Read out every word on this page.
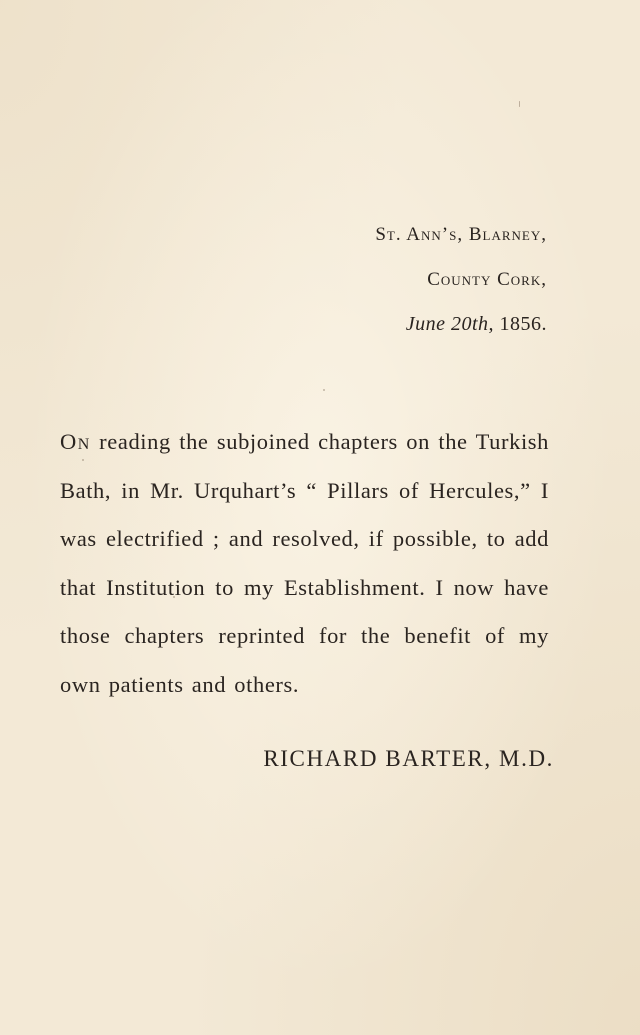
St. Ann’s, Blarney,
County Cork,
June 20th, 1856.
On reading the subjoined chapters on the Turkish Bath, in Mr. Urquhart’s “ Pillars of Hercules,” I was electrified ; and resolved, if possible, to add that Institution to my Establishment. I now have those chapters reprinted for the benefit of my own patients and others.
RICHARD BARTER, M.D.
